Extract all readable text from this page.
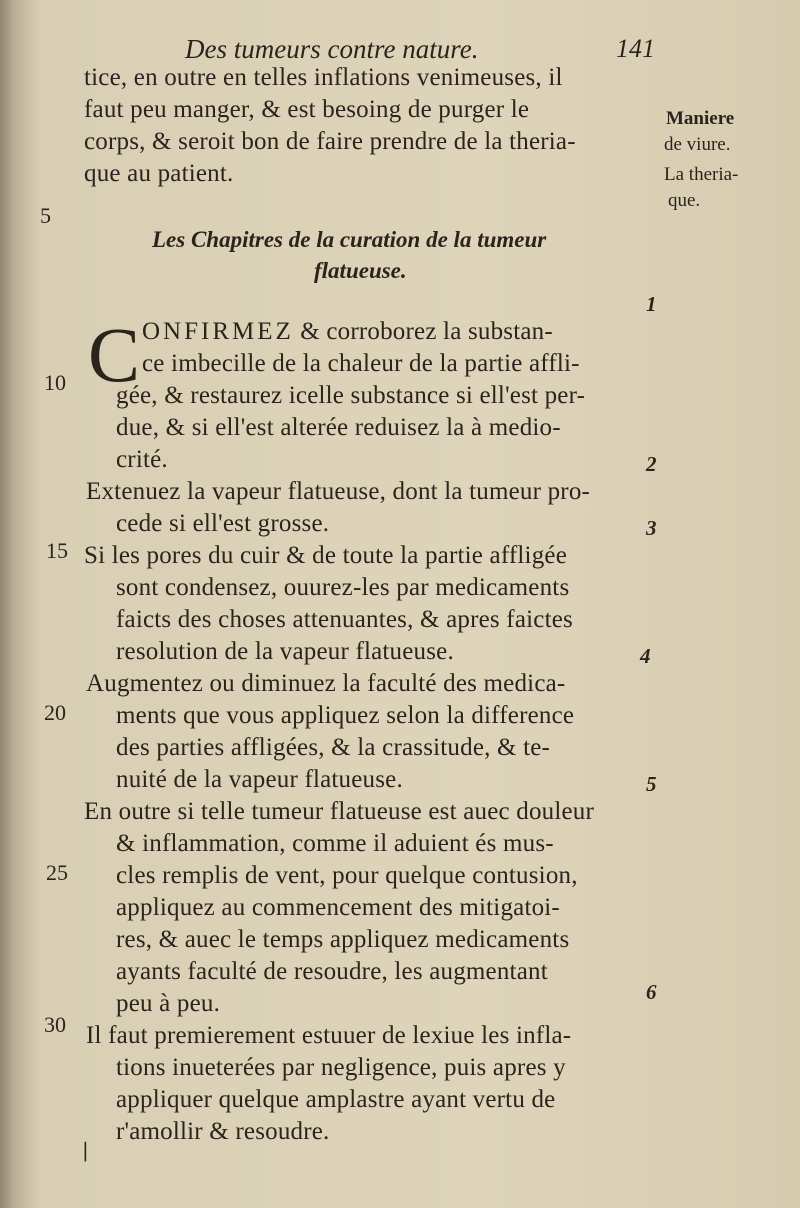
Des tumeurs contre nature.	141
tice, en outre en telles inflations venimeuses, il
faut peu manger, & est besoing de purger le
corps, & seroit bon de faire prendre de la theria-
que au patient.
Maniere
de viure.
La theria-
que.
5
10
15
20
25
30
Les Chapitres de la curation de la tumeur
flatueuse.
1
2
3
4
5
6
C ONFIRMEZ & corroborez la substan-
ce imbecille de la chaleur de la partie affli-
gée, & restaurez icelle substance si ell'est per-
due, & si ell'est alterée reduisez la à medio-
crité.
Extenuez la vapeur flatueuse, dont la tumeur pro-
cede si ell'est grosse.
Si les pores du cuir & de toute la partie affligée
sont condensez, ouurez-les par medicaments
faicts des choses attenuantes, & apres faictes
resolution de la vapeur flatueuse.
Augmentez ou diminuez la faculté des medica-
ments que vous appliquez selon la difference
des parties affligées, & la crassitude, & te-
nuité de la vapeur flatueuse.
En outre si telle tumeur flatueuse est auec douleur
& inflammation, comme il aduient és mus-
cles remplis de vent, pour quelque contusion,
appliquez au commencement des mitigatoi-
res, & auec le temps appliquez medicaments
ayants faculté de resoudre, les augmentant
peu à peu.
Il faut premierement estuuer de lexiue les infla-
tions inueterées par negligence, puis apres y
appliquer quelque amplastre ayant vertu de
r'amollir & resoudre.
|
